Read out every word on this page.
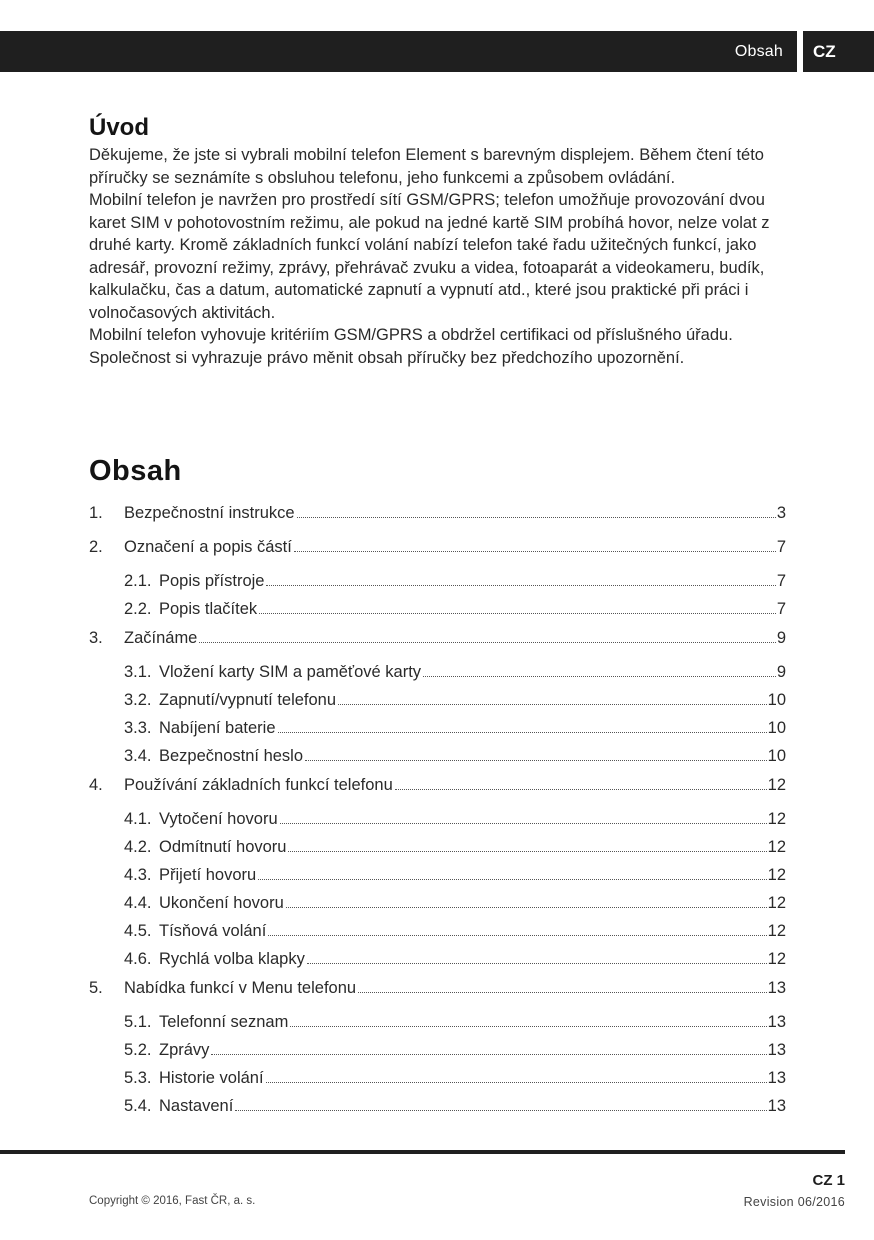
Obsah	CZ
Úvod

Děkujeme, že jste si vybrali mobilní telefon Element s barevným displejem. Během čtení této příručky se seznámíte s obsluhou telefonu, jeho funkcemi a způsobem ovládání.

Mobilní telefon je navržen pro prostředí sítí GSM/GPRS; telefon umožňuje provozování dvou karet SIM v pohotovostním režimu, ale pokud na jedné kartě SIM probíhá hovor, nelze volat z druhé karty. Kromě základních funkcí volání nabízí telefon také řadu užitečných funkcí, jako adresář, provozní režimy, zprávy, přehrávač zvuku a videa, fotoaparát a videokameru, budík, kalkulačku, čas a datum, automatické zapnutí a vypnutí atd., které jsou praktické při práci i volnočasových aktivitách.

Mobilní telefon vyhovuje kritériím GSM/GPRS a obdržel certifikaci od příslušného úřadu.

Společnost si vyhrazuje právo měnit obsah příručky bez předchozího upozornění.

Obsah
1.	Bezpečnostní instrukce	3
2.	Označení a popis částí	7
2.1. Popis přístroje	7
2.2. Popis tlačítek	7
3.	Začínáme	9
3.1. Vložení karty SIM a paměťové karty	9
3.2. Zapnutí/vypnutí telefonu	10
3.3. Nabíjení baterie	10
3.4. Bezpečnostní heslo	10
4.	Používání základních funkcí telefonu	12
4.1. Vytočení hovoru	12
4.2. Odmítnutí hovoru	12
4.3. Přijetí hovoru	12
4.4. Ukončení hovoru	12
4.5. Tísňová volání	12
4.6. Rychlá volba klapky	12
5.	Nabídka funkcí v Menu telefonu	13
5.1. Telefonní seznam	13
5.2. Zprávy	13
5.3. Historie volání	13
5.4. Nastavení	13
CZ 1
Copyright © 2016, Fast ČR, a. s.	Revision 06/2016
